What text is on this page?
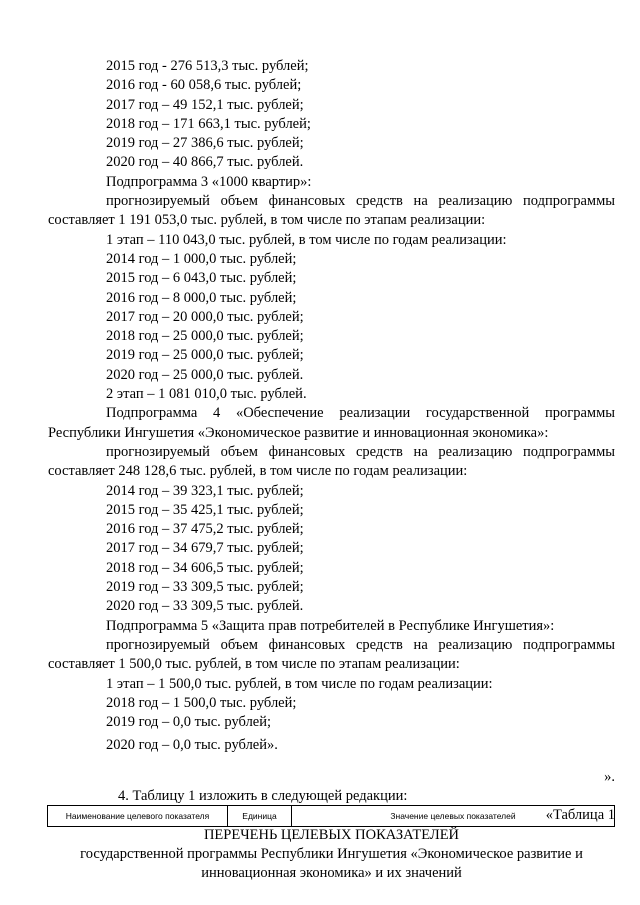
2015 год - 276 513,3 тыс. рублей;
2016 год - 60 058,6 тыс. рублей;
2017 год – 49 152,1 тыс. рублей;
2018 год – 171 663,1 тыс. рублей;
2019 год – 27 386,6 тыс. рублей;
2020 год – 40 866,7 тыс. рублей.
Подпрограмма 3 «1000 квартир»:
прогнозируемый объем финансовых средств на реализацию подпрограммы
составляет 1 191 053,0 тыс. рублей, в том числе по этапам реализации:
1 этап – 110 043,0 тыс. рублей, в том числе по годам реализации:
2014 год – 1 000,0 тыс. рублей;
2015 год – 6 043,0 тыс. рублей;
2016 год – 8 000,0 тыс. рублей;
2017 год – 20 000,0 тыс. рублей;
2018 год – 25 000,0 тыс. рублей;
2019 год – 25 000,0 тыс. рублей;
2020 год – 25 000,0 тыс. рублей.
2 этап – 1 081 010,0 тыс. рублей.
Подпрограмма 4 «Обеспечение реализации государственной программы
Республики Ингушетия «Экономическое развитие и инновационная экономика»:
прогнозируемый объем финансовых средств на реализацию подпрограммы
составляет 248 128,6 тыс. рублей, в том числе по годам реализации:
2014 год – 39 323,1 тыс. рублей;
2015 год – 35 425,1 тыс. рублей;
2016 год – 37 475,2 тыс. рублей;
2017 год – 34 679,7 тыс. рублей;
2018 год – 34 606,5 тыс. рублей;
2019 год – 33 309,5 тыс. рублей;
2020 год – 33 309,5 тыс. рублей.
Подпрограмма 5 «Защита прав потребителей в Республике Ингушетия»:
прогнозируемый объем финансовых средств на реализацию подпрограммы
составляет 1 500,0 тыс. рублей, в том числе по этапам реализации:
1 этап – 1 500,0 тыс. рублей, в том числе по годам реализации:
2018 год – 1 500,0 тыс. рублей;
2019 год – 0,0 тыс. рублей;
2020 год – 0,0 тыс. рублей».
».
4. Таблицу 1 изложить в следующей редакции:
«Таблица 1
ПЕРЕЧЕНЬ ЦЕЛЕВЫХ ПОКАЗАТЕЛЕЙ
государственной программы Республики Ингушетия «Экономическое развитие и
инновационная экономика» и их значений
Наименование целевого показателя	Единица	Значение целевых показателей
